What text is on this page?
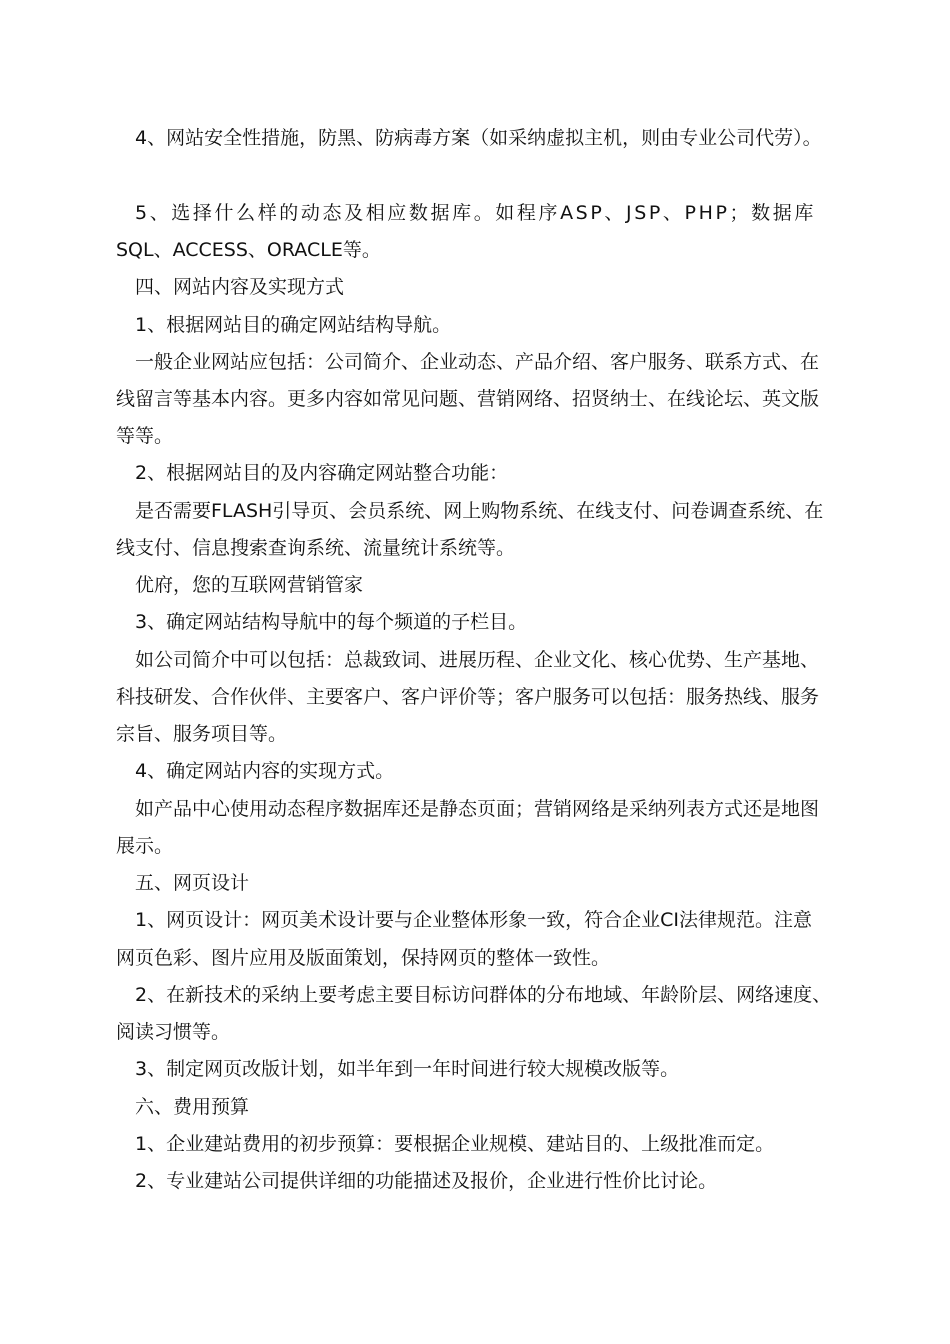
4、网站安全性措施，防黑、防病毒方案（如采纳虚拟主机，则由专业公司代劳）。
5、选择什么样的动态及相应数据库。如程序ASP、JSP、PHP；数据库
SQL、ACCESS、ORACLE等。
四、网站内容及实现方式
1、根据网站目的确定网站结构导航。
一般企业网站应包括：公司简介、企业动态、产品介绍、客户服务、联系方式、在
线留言等基本内容。更多内容如常见问题、营销网络、招贤纳士、在线论坛、英文版
等等。
2、根据网站目的及内容确定网站整合功能：
是否需要FLASH引导页、会员系统、网上购物系统、在线支付、问卷调查系统、在
线支付、信息搜索查询系统、流量统计系统等。
优府，您的互联网营销管家
3、确定网站结构导航中的每个频道的子栏目。
如公司简介中可以包括：总裁致词、进展历程、企业文化、核心优势、生产基地、
科技研发、合作伙伴、主要客户、客户评价等；客户服务可以包括：服务热线、服务
宗旨、服务项目等。
4、确定网站内容的实现方式。
如产品中心使用动态程序数据库还是静态页面；营销网络是采纳列表方式还是地图
展示。
五、网页设计
1、网页设计：网页美术设计要与企业整体形象一致，符合企业CI法律规范。注意
网页色彩、图片应用及版面策划，保持网页的整体一致性。
2、在新技术的采纳上要考虑主要目标访问群体的分布地域、年龄阶层、网络速度、
阅读习惯等。
3、制定网页改版计划，如半年到一年时间进行较大规模改版等。
六、费用预算
1、企业建站费用的初步预算：要根据企业规模、建站目的、上级批准而定。
2、专业建站公司提供详细的功能描述及报价，企业进行性价比讨论。
